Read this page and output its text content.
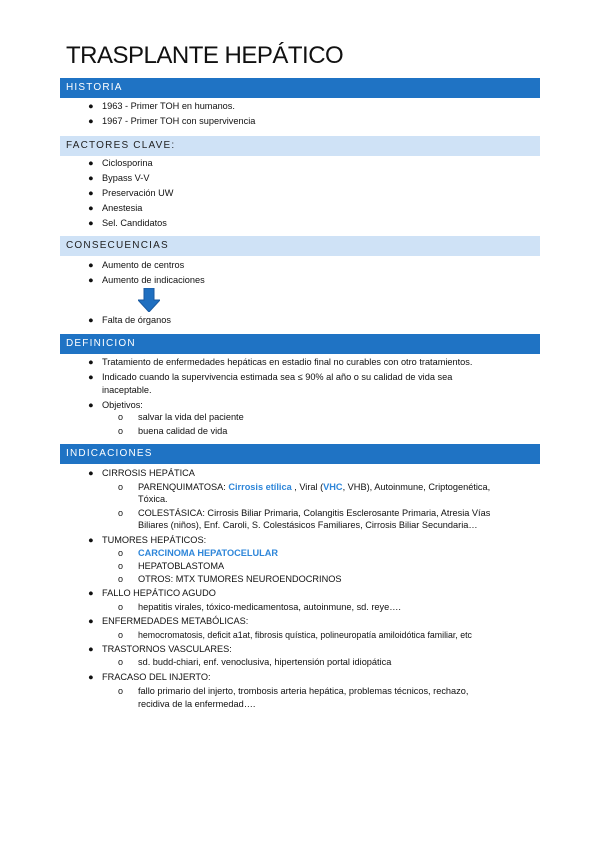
TRASPLANTE HEPÁTICO
HISTORIA
● 1963 - Primer TOH en humanos.
● 1967 - Primer TOH con supervivencia
FACTORES CLAVE:
● Ciclosporina
● Bypass V-V
● Preservación UW
● Anestesia
● Sel. Candidatos
CONSECUENCIAS
● Aumento de centros
● Aumento de indicaciones
● Falta de órganos
DEFINICION
● Tratamiento de enfermedades hepáticas en estadio final no curables con otro tratamientos.
● Indicado cuando la supervivencia estimada sea ≤ 90% al año o su calidad de vida sea
inaceptable.
● Objetivos:
o salvar la vida del paciente
o buena calidad de vida
INDICACIONES
● CIRROSIS HEPÁTICA
o PARENQUIMATOSA: Cirrosis etílica , Viral (VHC, VHB), Autoinmune, Criptogenética,
Tóxica.
o COLESTÁSICA: Cirrosis Biliar Primaria, Colangitis Esclerosante Primaria, Atresia Vías
Biliares (niños), Enf. Caroli, S. Colestásicos Familiares, Cirrosis Biliar Secundaria…
● TUMORES HEPÁTICOS:
o CARCINOMA HEPATOCELULAR
o HEPATOBLASTOMA
o OTROS: MTX TUMORES NEUROENDOCRINOS
● FALLO HEPÁTICO AGUDO
o hepatitis virales, tóxico-medicamentosa, autoinmune, sd. reye….
● ENFERMEDADES METABÓLICAS:
o hemocromatosis, deficit a1at, fibrosis quística, polineuropatía amiloidótica familiar, etc
● TRASTORNOS VASCULARES:
o sd. budd-chiari, enf. venoclusiva, hipertensión portal idiopática
● FRACASO DEL INJERTO:
o fallo primario del injerto, trombosis arteria hepática, problemas técnicos, rechazo,
recidiva de la enfermedad….
